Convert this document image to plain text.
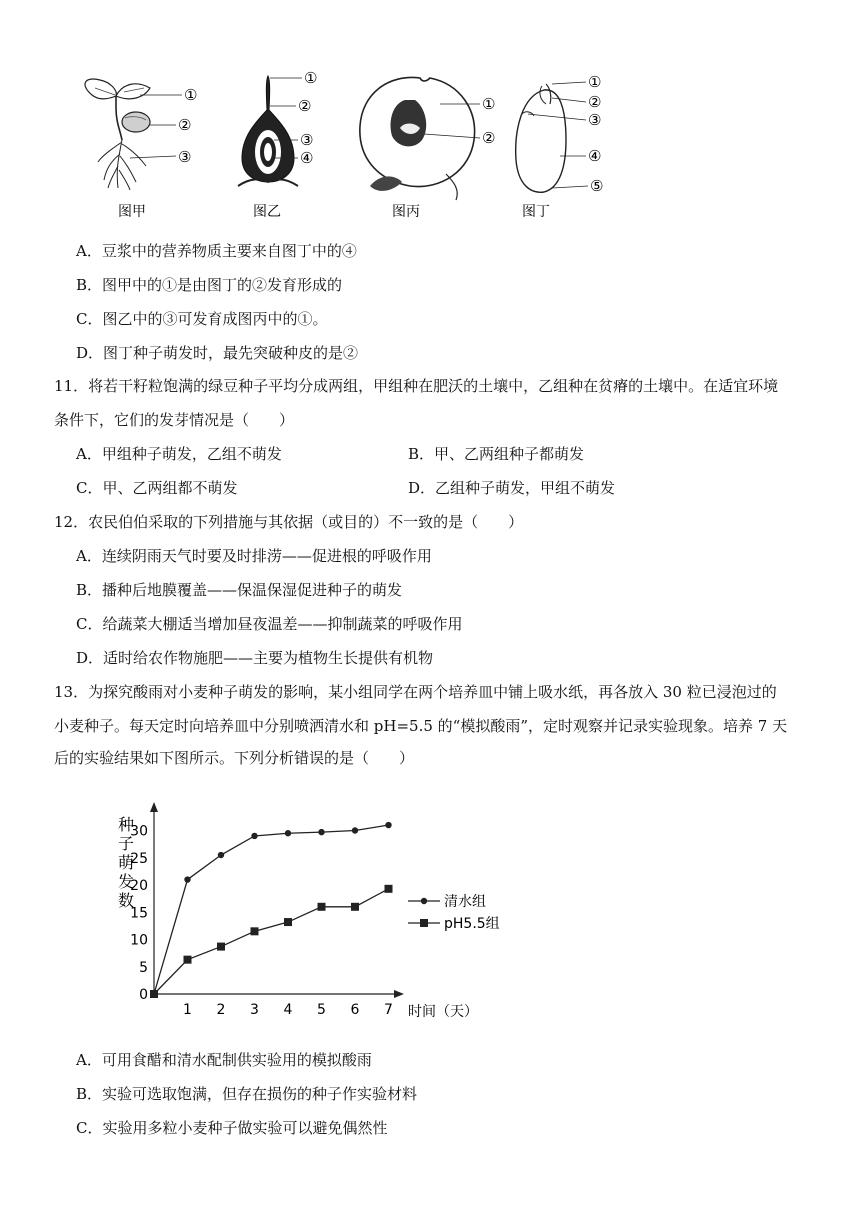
①
②
③
①
②
③
④
①
②
①
②
③
④
⑤
图甲	图乙	图丙	图丁
A．豆浆中的营养物质主要来自图丁中的④
B．图甲中的①是由图丁的②发育形成的
C．图乙中的③可发育成图丙中的①。
D．图丁种子萌发时，最先突破种皮的是②
11．将若干籽粒饱满的绿豆种子平均分成两组，甲组种在肥沃的土壤中，乙组种在贫瘠的土壤中。在适宜环境
条件下，它们的发芽情况是（　　）
A．甲组种子萌发，乙组不萌发	B．甲、乙两组种子都萌发
C．甲、乙两组都不萌发	D．乙组种子萌发，甲组不萌发
12．农民伯伯采取的下列措施与其依据（或目的）不一致的是（　　）
A．连续阴雨天气时要及时排涝——促进根的呼吸作用
B．播种后地膜覆盖——保温保湿促进种子的萌发
C．给蔬菜大棚适当增加昼夜温差——抑制蔬菜的呼吸作用
D．适时给农作物施肥——主要为植物生长提供有机物
13．为探究酸雨对小麦种子萌发的影响，某小组同学在两个培养皿中铺上吸水纸，再各放入 30 粒已浸泡过的
小麦种子。每天定时向培养皿中分别喷洒清水和 pH=5.5 的“模拟酸雨”，定时观察并记录实验现象。培养 7 天
后的实验结果如下图所示。下列分析错误的是（　　）
种子萌发数
时间（天）
0
5
10
15
20
25
30
1 2 3 4 5 6 7
清水组
pH5.5组
A．可用食醋和清水配制供实验用的模拟酸雨
B．实验可选取饱满，但存在损伤的种子作实验材料
C．实验用多粒小麦种子做实验可以避免偶然性
